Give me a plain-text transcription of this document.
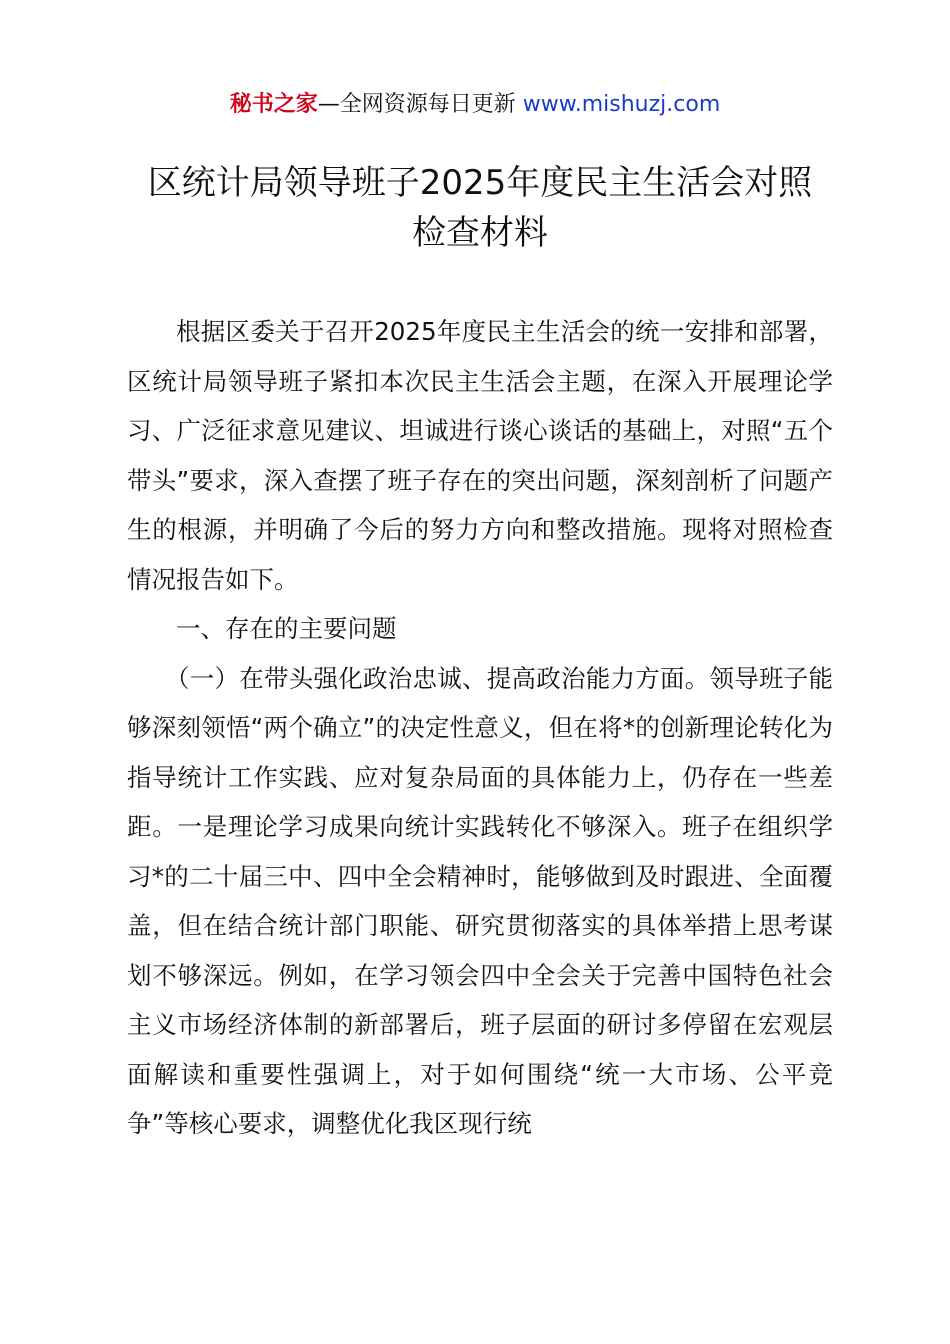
秘书之家—全网资源每日更新 www.mishuzj.com
区统计局领导班子2025年度民主生活会对照
检查材料

根据区委关于召开2025年度民主生活会的统一安排和部署，区统计局领导班子紧扣本次民主生活会主题，在深入开展理论学习、广泛征求意见建议、坦诚进行谈心谈话的基础上，对照“五个带头”要求，深入查摆了班子存在的突出问题，深刻剖析了问题产生的根源，并明确了今后的努力方向和整改措施。现将对照检查情况报告如下。

一、存在的主要问题

（一）在带头强化政治忠诚、提高政治能力方面。领导班子能够深刻领悟“两个确立”的决定性意义，但在将*的创新理论转化为指导统计工作实践、应对复杂局面的具体能力上，仍存在一些差距。一是理论学习成果向统计实践转化不够深入。班子在组织学习*的二十届三中、四中全会精神时，能够做到及时跟进、全面覆盖，但在结合统计部门职能、研究贯彻落实的具体举措上思考谋划不够深远。例如，在学习领会四中全会关于完善中国特色社会主义市场经济体制的新部署后，班子层面的研讨多停留在宏观层面解读和重要性强调上，对于如何围绕“统一大市场、公平竞争”等核心要求，调整优化我区现行统
